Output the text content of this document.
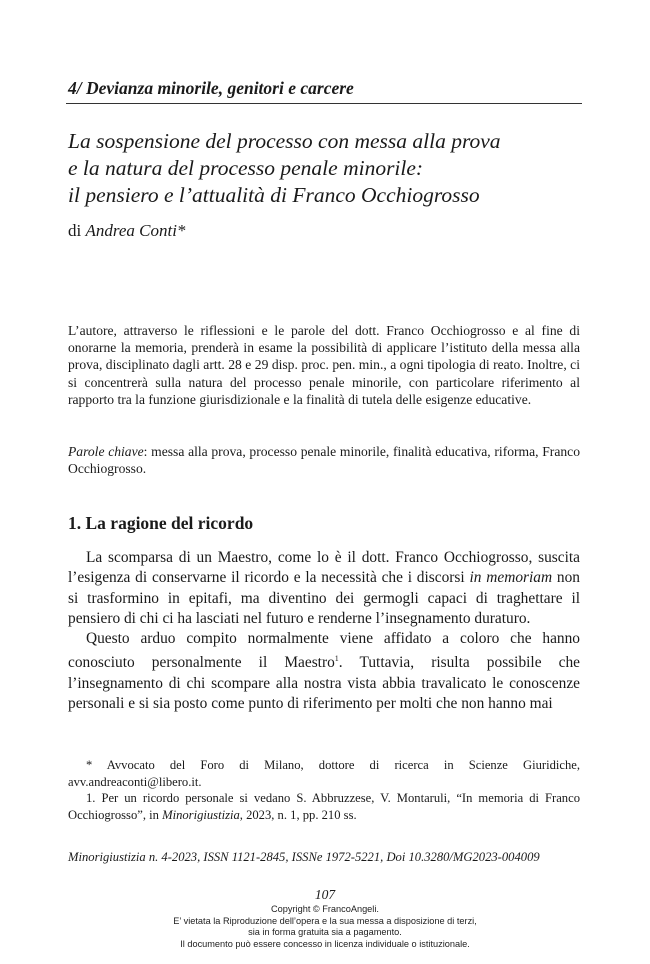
4/ Devianza minorile, genitori e carcere
La sospensione del processo con messa alla prova
e la natura del processo penale minorile:
il pensiero e l’attualità di Franco Occhiogrosso
di Andrea Conti*
L’autore, attraverso le riflessioni e le parole del dott. Franco Occhiogrosso e al fine di onorarne la memoria, prenderà in esame la possibilità di applicare l’istituto della messa alla prova, disciplinato dagli artt. 28 e 29 disp. proc. pen. min., a ogni tipologia di reato. Inoltre, ci si concentrerà sulla natura del processo penale minorile, con particolare riferimento al rapporto tra la funzione giurisdizionale e la finalità di tutela delle esigenze educative.
Parole chiave: messa alla prova, processo penale minorile, finalità educativa, riforma, Franco Occhiogrosso.
1. La ragione del ricordo

La scomparsa di un Maestro, come lo è il dott. Franco Occhiogrosso, suscita l’esigenza di conservarne il ricordo e la necessità che i discorsi in memoriam non si trasformino in epitafi, ma diventino dei germogli capaci di traghettare il pensiero di chi ci ha lasciati nel futuro e renderne l’insegnamento duraturo.

Questo arduo compito normalmente viene affidato a coloro che hanno conosciuto personalmente il Maestro$^1$. Tuttavia, risulta possibile che l’insegnamento di chi scompare alla nostra vista abbia travalicato le conoscenze personali e si sia posto come punto di riferimento per molti che non hanno mai

* Avvocato del Foro di Milano, dottore di ricerca in Scienze Giuridiche, avv.andreaconti@libero.it.

1. Per un ricordo personale si vedano S. Abbruzzese, V. Montaruli, “In memoria di Franco Occhiogrosso”, in Minorigiustizia, 2023, n. 1, pp. 210 ss.

Minorigiustizia n. 4-2023, ISSN 1121-2845, ISSNe 1972-5221, Doi 10.3280/MG2023-004009
107
Copyright © FrancoAngeli.
E’ vietata la Riproduzione dell’opera e la sua messa a disposizione di terzi,
sia in forma gratuita sia a pagamento.
Il documento può essere concesso in licenza individuale o istituzionale.
